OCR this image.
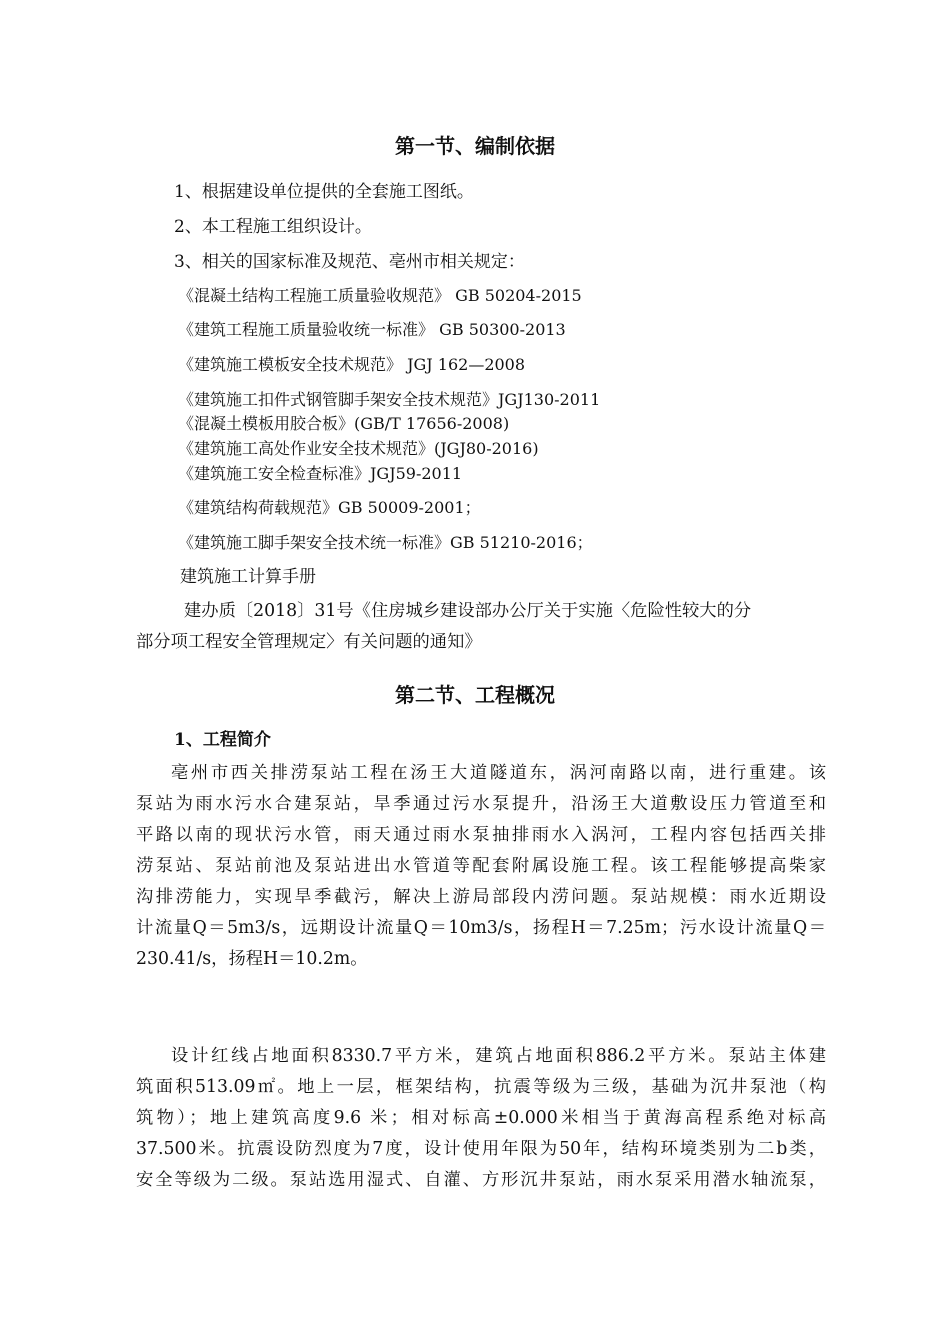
第一节、编制依据
1、根据建设单位提供的全套施工图纸。
2、本工程施工组织设计。
3、相关的国家标准及规范、亳州市相关规定：
《混凝土结构工程施工质量验收规范》 GB 50204-2015
《建筑工程施工质量验收统一标准》 GB 50300-2013
《建筑施工模板安全技术规范》 JGJ 162—2008
《建筑施工扣件式钢管脚手架安全技术规范》JGJ130-2011
《混凝土模板用胶合板》(GB/T 17656-2008)
《建筑施工高处作业安全技术规范》(JGJ80-2016)
《建筑施工安全检查标准》JGJ59-2011
《建筑结构荷载规范》GB 50009-2001；
《建筑施工脚手架安全技术统一标准》GB 51210-2016；
建筑施工计算手册
建办质〔2018〕31号《住房城乡建设部办公厅关于实施〈危险性较大的分
部分项工程安全管理规定〉有关问题的通知》
第二节、工程概况
1、工程简介
亳州市西关排涝泵站工程在汤王大道隧道东，涡河南路以南，进行重建。该
泵站为雨水污水合建泵站，旱季通过污水泵提升，沿汤王大道敷设压力管道至和
平路以南的现状污水管，雨天通过雨水泵抽排雨水入涡河，工程内容包括西关排
涝泵站、泵站前池及泵站进出水管道等配套附属设施工程。该工程能够提高柴家
沟排涝能力，实现旱季截污，解决上游局部段内涝问题。泵站规模：雨水近期设
计流量Q＝5m3/s，远期设计流量Q＝10m3/s，扬程H＝7.25m；污水设计流量Q＝
230.41/s，扬程H＝10.2m。
设计红线占地面积8330.7平方米，建筑占地面积886.2平方米。泵站主体建
筑面积513.09㎡。地上一层，框架结构，抗震等级为三级，基础为沉井泵池（构
筑物）；地上建筑高度9.6 米；相对标高±0.000米相当于黄海高程系绝对标高
37.500米。抗震设防烈度为7度，设计使用年限为50年，结构环境类别为二b类，
安全等级为二级。泵站选用湿式、自灌、方形沉井泵站，雨水泵采用潜水轴流泵，
